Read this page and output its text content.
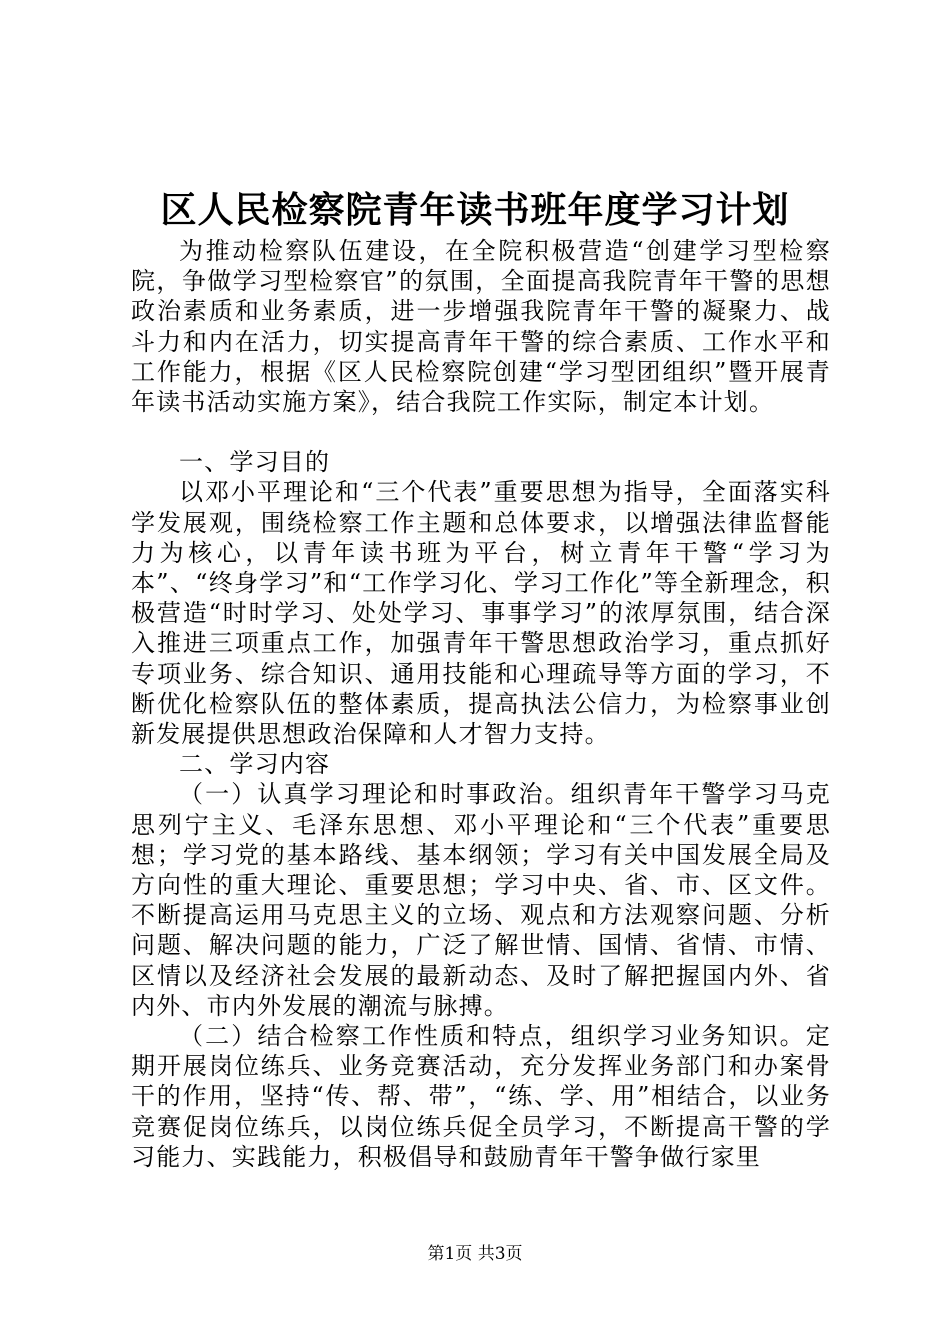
区人民检察院青年读书班年度学习计划

为推动检察队伍建设，在全院积极营造“创建学习型检察院，争做学习型检察官”的氛围，全面提高我院青年干警的思想政治素质和业务素质，进一步增强我院青年干警的凝聚力、战斗力和内在活力，切实提高青年干警的综合素质、工作水平和工作能力，根据《区人民检察院创建“学习型团组织”暨开展青年读书活动实施方案》，结合我院工作实际，制定本计划。

一、学习目的

以邓小平理论和“三个代表”重要思想为指导，全面落实科学发展观，围绕检察工作主题和总体要求，以增强法律监督能力为核心，以青年读书班为平台，树立青年干警“学习为本”、“终身学习”和“工作学习化、学习工作化”等全新理念，积极营造“时时学习、处处学习、事事学习”的浓厚氛围，结合深入推进三项重点工作，加强青年干警思想政治学习，重点抓好专项业务、综合知识、通用技能和心理疏导等方面的学习，不断优化检察队伍的整体素质，提高执法公信力，为检察事业创新发展提供思想政治保障和人才智力支持。

二、学习内容

（一）认真学习理论和时事政治。组织青年干警学习马克思列宁主义、毛泽东思想、邓小平理论和“三个代表”重要思想；学习党的基本路线、基本纲领；学习有关中国发展全局及方向性的重大理论、重要思想；学习中央、省、市、区文件。不断提高运用马克思主义的立场、观点和方法观察问题、分析问题、解决问题的能力，广泛了解世情、国情、省情、市情、区情以及经济社会发展的最新动态、及时了解把握国内外、省内外、市内外发展的潮流与脉搏。

（二）结合检察工作性质和特点，组织学习业务知识。定期开展岗位练兵、业务竞赛活动，充分发挥业务部门和办案骨干的作用，坚持“传、帮、带”，“练、学、用”相结合，以业务竞赛促岗位练兵，以岗位练兵促全员学习，不断提高干警的学习能力、实践能力，积极倡导和鼓励青年干警争做行家里

第1页 共3页
